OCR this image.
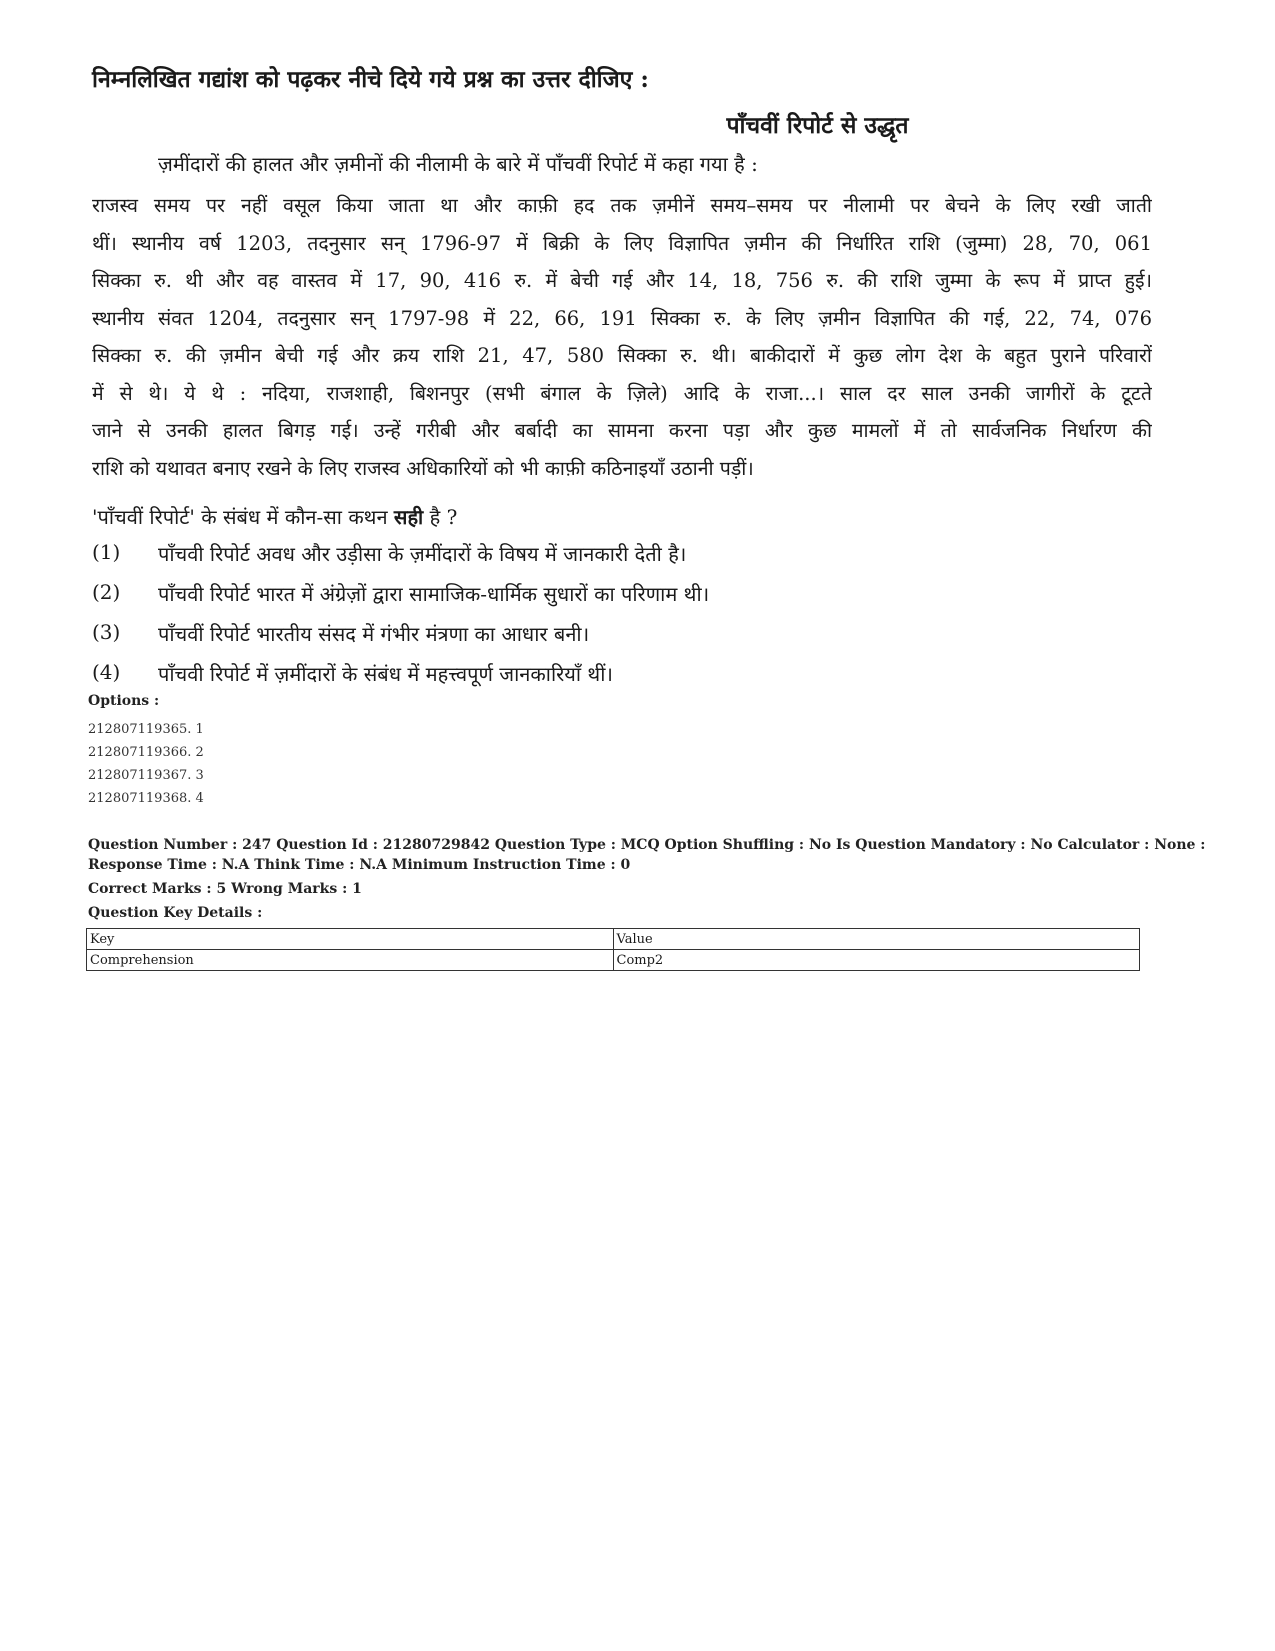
निम्नलिखित गद्यांश को पढ़कर नीचे दिये गये प्रश्न का उत्तर दीजिए :
पाँचवीं रिपोर्ट से उद्धृत
ज़मींदारों की हालत और ज़मीनों की नीलामी के बारे में पाँचवीं रिपोर्ट में कहा गया है :
राजस्व समय पर नहीं वसूल किया जाता था और काफ़ी हद तक ज़मीनें समय–समय पर नीलामी पर बेचने के लिए रखी जाती
थीं। स्थानीय वर्ष 1203, तदनुसार सन् 1796-97 में बिक्री के लिए विज्ञापित ज़मीन की निर्धारित राशि (जुम्मा) 28, 70, 061
सिक्का रु. थी और वह वास्तव में 17, 90, 416 रु. में बेची गई और 14, 18, 756 रु. की राशि जुम्मा के रूप में प्राप्त हुई।
स्थानीय संवत 1204, तदनुसार सन् 1797-98 में 22, 66, 191 सिक्का रु. के लिए ज़मीन विज्ञापित की गई, 22, 74, 076
सिक्का रु. की ज़मीन बेची गई और क्रय राशि 21, 47, 580 सिक्का रु. थी। बाकीदारों में कुछ लोग देश के बहुत पुराने परिवारों
में से थे। ये थे : नदिया, राजशाही, बिशनपुर (सभी बंगाल के ज़िले) आदि के राजा...। साल दर साल उनकी जागीरों के टूटते
जाने से उनकी हालत बिगड़ गई। उन्हें गरीबी और बर्बादी का सामना करना पड़ा और कुछ मामलों में तो सार्वजनिक निर्धारण की
राशि को यथावत बनाए रखने के लिए राजस्व अधिकारियों को भी काफ़ी कठिनाइयाँ उठानी पड़ीं।
'पाँचवीं रिपोर्ट' के संबंध में कौन-सा कथन सही है ?
(1) पाँचवी रिपोर्ट अवध और उड़ीसा के ज़मींदारों के विषय में जानकारी देती है।
(2) पाँचवी रिपोर्ट भारत में अंग्रेज़ों द्वारा सामाजिक-धार्मिक सुधारों का परिणाम थी।
(3) पाँचवीं रिपोर्ट भारतीय संसद में गंभीर मंत्रणा का आधार बनी।
(4) पाँचवी रिपोर्ट में ज़मींदारों के संबंध में महत्त्वपूर्ण जानकारियाँ थीं।
Options :
212807119365. 1
212807119366. 2
212807119367. 3
212807119368. 4
Question Number : 247 Question Id : 21280729842 Question Type : MCQ Option Shuffling : No Is Question Mandatory : No Calculator : None :
Response Time : N.A Think Time : N.A Minimum Instruction Time : 0
Correct Marks : 5 Wrong Marks : 1
Question Key Details :
Key	Value
Comprehension	Comp2
